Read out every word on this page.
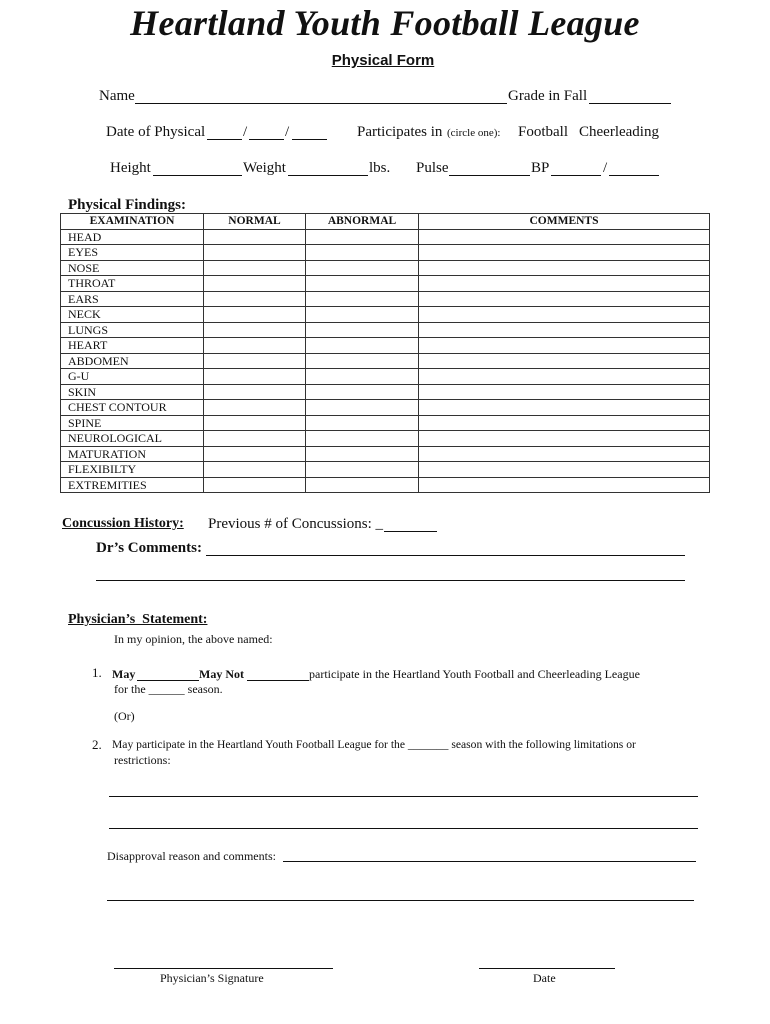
Heartland Youth Football League
Physical Form
Name	Grade in Fall
Date of Physical	/	/	Participates in (circle one): Football Cheerleading
Height	Weight	lbs. Pulse	BP	/
Physical Findings:
EXAMINATION	NORMAL	ABNORMAL	COMMENTS
HEAD			
EYES			
NOSE			
THROAT			
EARS			
NECK			
LUNGS			
HEART			
ABDOMEN			
G-U			
SKIN			
CHEST CONTOUR			
SPINE			
NEUROLOGICAL			
MATURATION			
FLEXIBILTY			
EXTREMITIES			
Concussion History: Previous # of Concussions: _
Dr’s Comments:
Physician’s  Statement:
In my opinion, the above named:
1. May	May Not	participate in the Heartland Youth Football and Cheerleading League
for the ______ season.
(Or)
2. May participate in the Heartland Youth Football League for the _______ season with the following limitations or
restrictions:
Disapproval reason and comments:
Physician’s Signature	Date
